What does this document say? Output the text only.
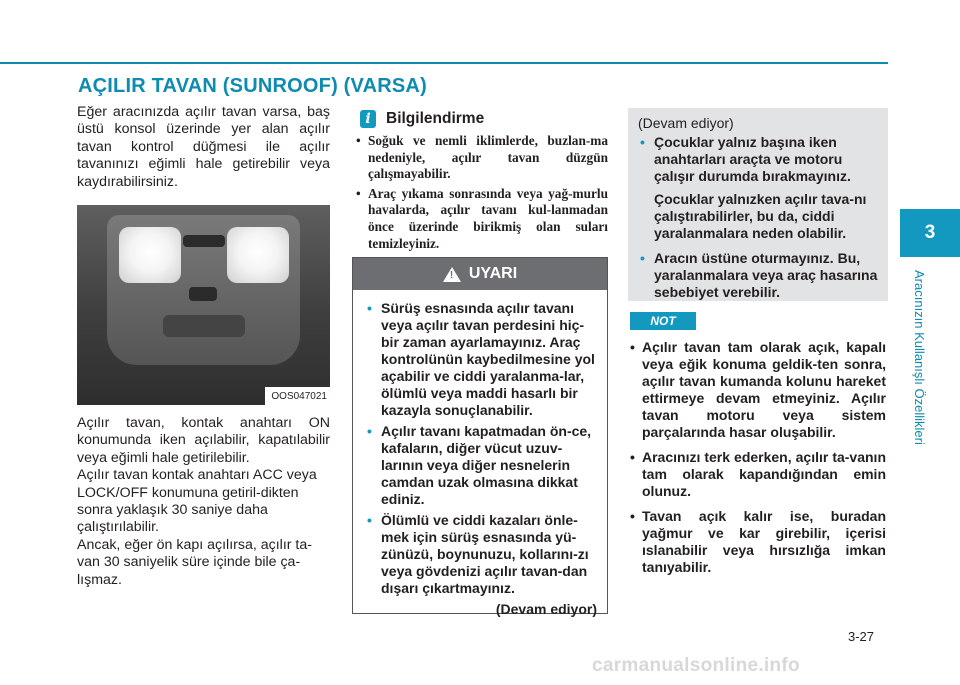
AÇILIR TAVAN (SUNROOF) (VARSA)
3
Aracınızın Kullanışlı Özellikleri

Eğer aracınızda açılır tavan varsa, baş üstü konsol üzerinde yer alan açılır tavan kontrol düğmesi ile açılır tavanınızı eğimli hale getirebilir veya kaydırabilirsiniz.

OOS047021

Açılır tavan, kontak anahtarı ON konumunda iken açılabilir, kapatılabilir veya eğimli hale getirilebilir.

Açılır tavan kontak anahtarı ACC veya LOCK/OFF konumuna getiril-dikten sonra yaklaşık 30 saniye daha çalıştırılabilir.

Ancak, eğer ön kapı açılırsa, açılır ta-van 30 saniyelik süre içinde bile ça-lışmaz.

i Bilgilendirme
• Soğuk ve nemli iklimlerde, buzlan-ma nedeniyle, açılır tavan düzgün çalışmayabilir.
• Araç yıkama sonrasında veya yağ-murlu havalarda, açılır tavanı kul-lanmadan önce üzerinde birikmiş olan suları temizleyiniz.
! UYARI
• Sürüş esnasında açılır tavanı veya açılır tavan perdesini hiç-bir zaman ayarlamayınız. Araç kontrolünün kaybedilmesine yol açabilir ve ciddi yaralanma-lar, ölümlü veya maddi hasarlı bir kazayla sonuçlanabilir.
• Açılır tavanı kapatmadan ön-ce, kafaların, diğer vücut uzuv-larının veya diğer nesnelerin camdan uzak olmasına dikkat ediniz.
• Ölümlü ve ciddi kazaları önle-mek için sürüş esnasında yü-zünüzü, boynunuzu, kollarını-zı veya gövdenizi açılır tavan-dan dışarı çıkartmayınız.
(Devam ediyor)
(Devam ediyor)
• Çocuklar yalnız başına iken anahtarları araçta ve motoru çalışır durumda bırakmayınız.

Çocuklar yalnızken açılır tava-nı çalıştırabilirler, bu da, ciddi yaralanmalara neden olabilir.

• Aracın üstüne oturmayınız. Bu, yaralanmalara veya araç hasarına sebebiyet verebilir.
NOT
• Açılır tavan tam olarak açık, kapalı veya eğik konuma geldik-ten sonra, açılır tavan kumanda kolunu hareket ettirmeye devam etmeyiniz. Açılır tavan motoru veya sistem parçalarında hasar oluşabilir.
• Aracınızı terk ederken, açılır ta-vanın tam olarak kapandığından emin olunuz.
• Tavan açık kalır ise, buradan yağmur ve kar girebilir, içerisi ıslanabilir veya hırsızlığa imkan tanıyabilir.
3-27
carmanualsonline.info
